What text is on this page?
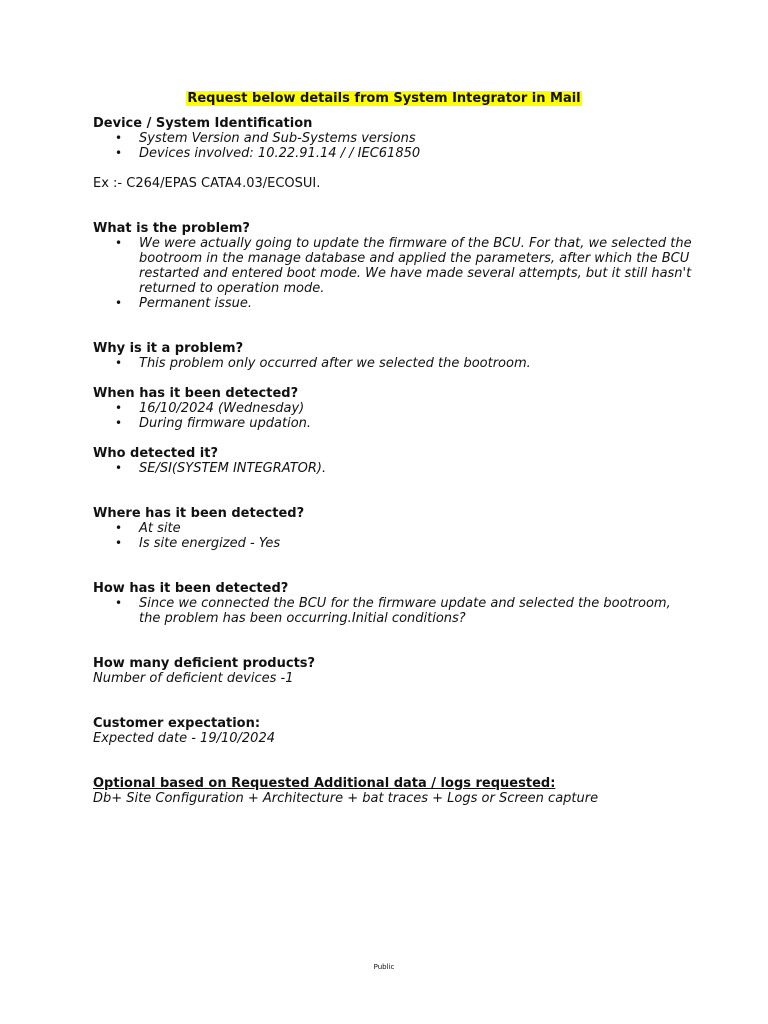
Request below details from System Integrator in Mail

Device / System Identification

• System Version and Sub-Systems versions
• Devices involved: 10.22.91.14 / / IEC61850

Ex :- C264/EPAS CATA4.03/ECOSUI.

What is the problem?

• We were actually going to update the firmware of the BCU. For that, we selected the bootroom in the manage database and applied the parameters, after which the BCU restarted and entered boot mode. We have made several attempts, but it still hasn't returned to operation mode.
• Permanent issue.

Why is it a problem?

• This problem only occurred after we selected the bootroom.

When has it been detected?

• 16/10/2024 (Wednesday)
• During firmware updation.

Who detected it?

• SE/SI(SYSTEM INTEGRATOR).

Where has it been detected?

• At site
• Is site energized - Yes

How has it been detected?

• Since we connected the BCU for the firmware update and selected the bootroom, the problem has been occurring.Initial conditions?

How many deficient products?

Number of deficient devices -1

Customer expectation:

Expected date - 19/10/2024

Optional based on Requested Additional data / logs requested:

Db+ Site Configuration + Architecture + bat traces + Logs or Screen capture

Public
